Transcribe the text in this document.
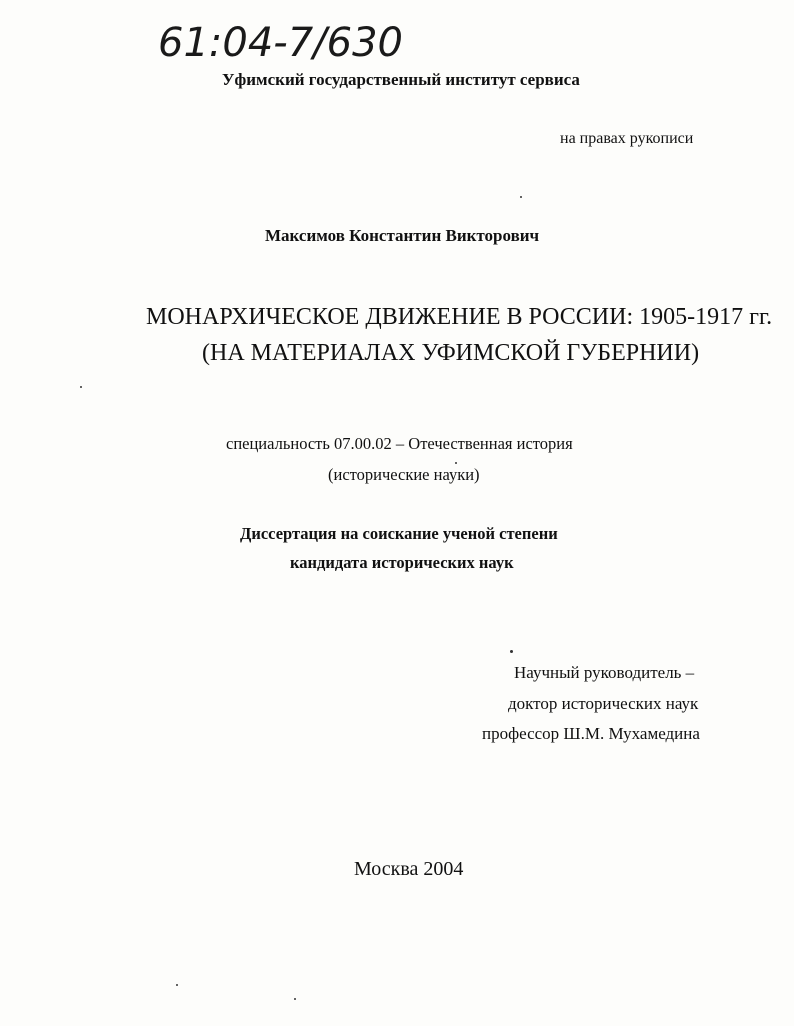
61:04-7/630
Уфимский государственный институт сервиса
на правах рукописи
Максимов Константин Викторович
МОНАРХИЧЕСКОЕ ДВИЖЕНИЕ В РОССИИ: 1905-1917 гг.
(НА МАТЕРИАЛАХ УФИМСКОЙ ГУБЕРНИИ)
специальность 07.00.02 – Отечественная история
(исторические науки)
Диссертация на соискание ученой степени
кандидата исторических наук
Научный руководитель –
доктор исторических наук
профессор Ш.М. Мухамедина
Москва 2004
